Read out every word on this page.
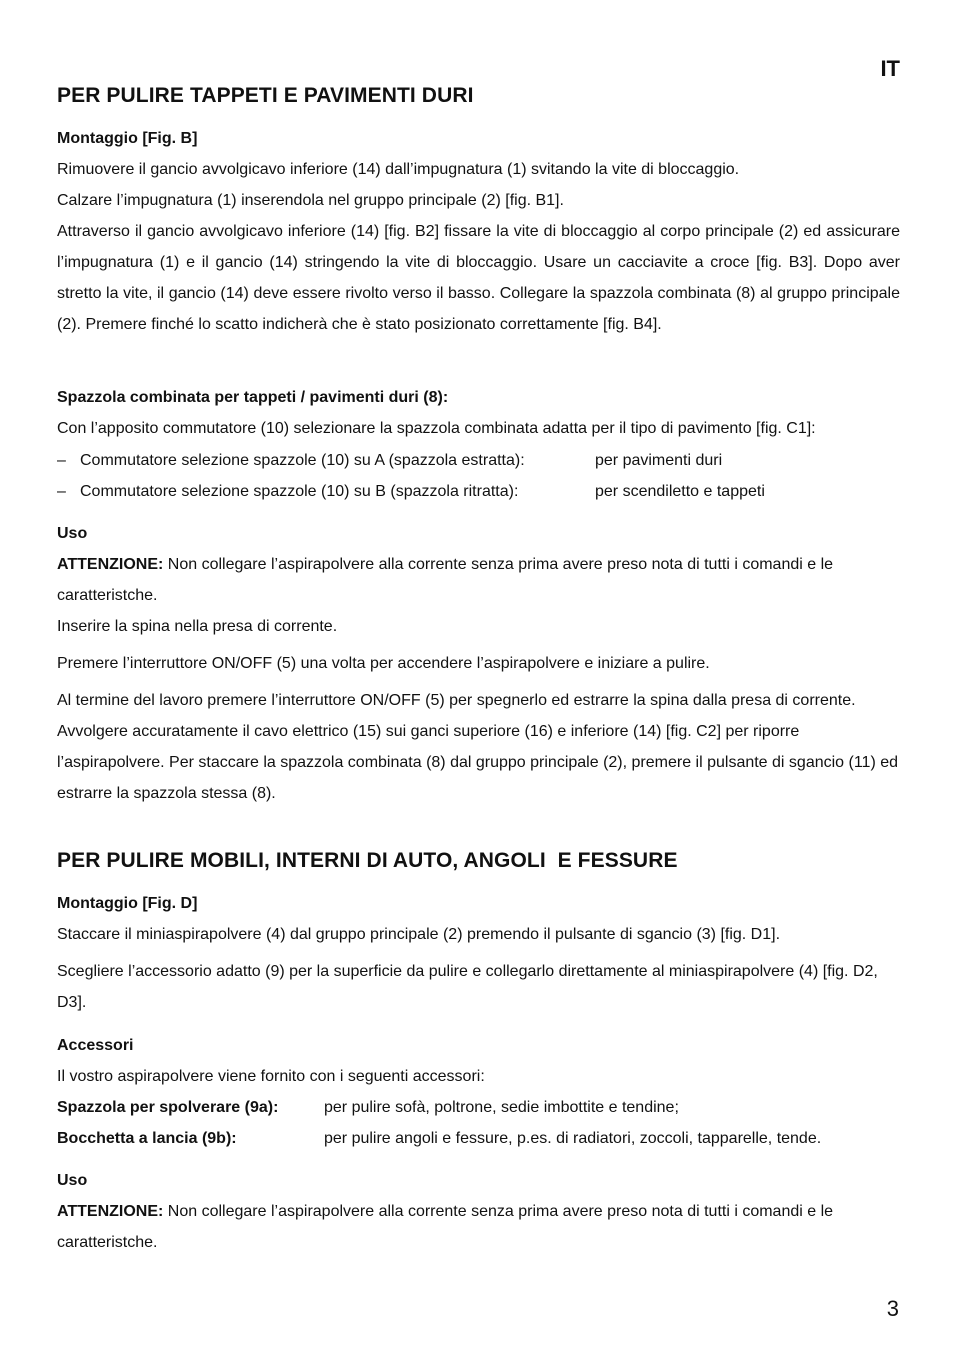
IT
PER PULIRE TAPPETI E PAVIMENTI DURI
Montaggio [Fig. B]

Rimuovere il gancio avvolgicavo inferiore (14) dall’impugnatura (1) svitando la vite di bloccaggio.

Calzare l’impugnatura (1) inserendola nel gruppo principale (2) [fig. B1].

Attraverso il gancio avvolgicavo inferiore (14) [fig. B2] fissare la vite di bloccaggio al corpo principale (2) ed assicurare l’impugnatura (1) e il gancio (14) stringendo la vite di bloccaggio. Usare un cacciavite a croce [fig. B3]. Dopo aver stretto la vite, il gancio (14) deve essere rivolto verso il basso. Collegare la spazzola combinata (8) al gruppo principale (2). Premere finché lo scatto indicherà che è stato posizionato correttamente [fig. B4].

Spazzola combinata per tappeti / pavimenti duri (8):

Con l’apposito commutatore (10) selezionare la spazzola combinata adatta per il tipo di pavimento [fig. C1]:

– Commutatore selezione spazzole (10) su A (spazzola estratta):	per pavimenti duri
– Commutatore selezione spazzole (10) su B (spazzola ritratta):	per scendiletto e tappeti
Uso

ATTENZIONE: Non collegare l’aspirapolvere alla corrente senza prima avere preso nota di tutti i comandi e le caratteristche.

Inserire la spina nella presa di corrente.

Premere l’interruttore ON/OFF (5) una volta per accendere l’aspirapolvere e iniziare a pulire.

Al termine del lavoro premere l’interruttore ON/OFF (5) per spegnerlo ed estrarre la spina dalla presa di corrente. Avvolgere accuratamente il cavo elettrico (15) sui ganci superiore (16) e inferiore (14) [fig. C2] per riporre l’aspirapolvere. Per staccare la spazzola combinata (8) dal gruppo principale (2), premere il pulsante di sgancio (11) ed estrarre la spazzola stessa (8).

PER PULIRE MOBILI, INTERNI DI AUTO, ANGOLI  E FESSURE
Montaggio [Fig. D]

Staccare il miniaspirapolvere (4) dal gruppo principale (2) premendo il pulsante di sgancio (3) [fig. D1].

Scegliere l’accessorio adatto (9) per la superficie da pulire e collegarlo direttamente al miniaspirapolvere (4) [fig. D2, D3].

Accessori

Il vostro aspirapolvere viene fornito con i seguenti accessori:

Spazzola per spolverare (9a):	per pulire sofà, poltrone, sedie imbottite e tendine;
Bocchetta a lancia (9b):	per pulire angoli e fessure, p.es. di radiatori, zoccoli, tapparelle, tende.
Uso

ATTENZIONE: Non collegare l’aspirapolvere alla corrente senza prima avere preso nota di tutti i comandi e le caratteristche.

3
